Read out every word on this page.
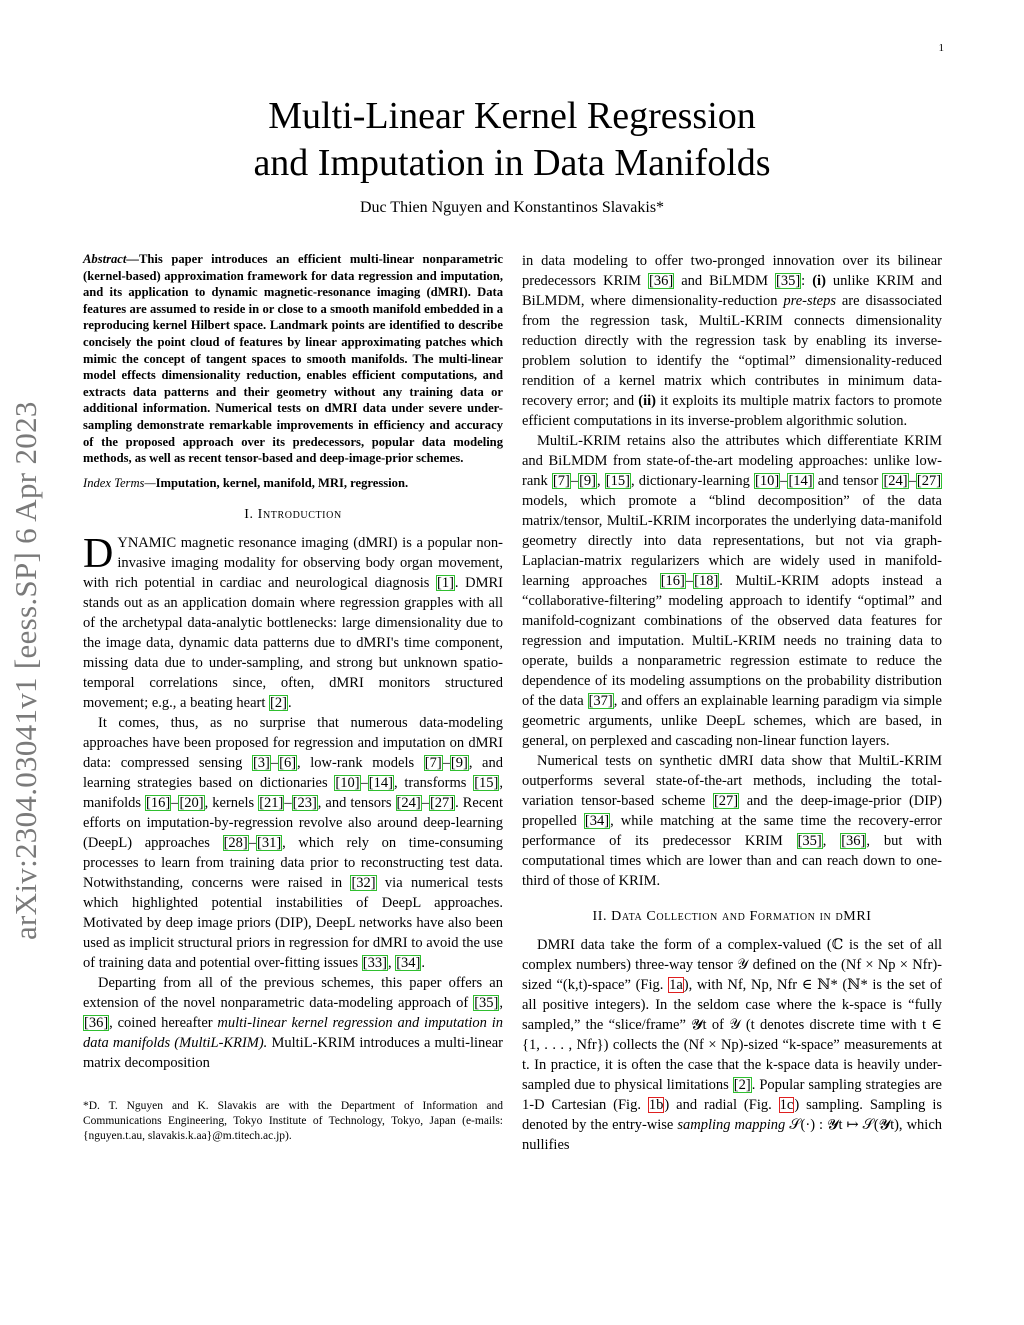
1
arXiv:2304.03041v1 [eess.SP] 6 Apr 2023
Multi-Linear Kernel Regression
and Imputation in Data Manifolds
Duc Thien Nguyen and Konstantinos Slavakis*
Abstract—This paper introduces an efficient multi-linear nonparametric (kernel-based) approximation framework for data regression and imputation, and its application to dynamic magnetic-resonance imaging (dMRI). Data features are assumed to reside in or close to a smooth manifold embedded in a reproducing kernel Hilbert space. Landmark points are identified to describe concisely the point cloud of features by linear approximating patches which mimic the concept of tangent spaces to smooth manifolds. The multi-linear model effects dimensionality reduction, enables efficient computations, and extracts data patterns and their geometry without any training data or additional information. Numerical tests on dMRI data under severe under-sampling demonstrate remarkable improvements in efficiency and accuracy of the proposed approach over its predecessors, popular data modeling methods, as well as recent tensor-based and deep-image-prior schemes.
Index Terms—Imputation, kernel, manifold, MRI, regression.
I. Introduction

DYNAMIC magnetic resonance imaging (dMRI) is a popular non-invasive imaging modality for observing body organ movement, with rich potential in cardiac and neurological diagnosis [1]. DMRI stands out as an application domain where regression grapples with all of the archetypal data-analytic bottlenecks: large dimensionality due to the image data, dynamic data patterns due to dMRI's time component, missing data due to under-sampling, and strong but unknown spatio-temporal correlations since, often, dMRI monitors structured movement; e.g., a beating heart [2].

It comes, thus, as no surprise that numerous data-modeling approaches have been proposed for regression and imputation on dMRI data: compressed sensing [3]–[6], low-rank models [7]–[9], and learning strategies based on dictionaries [10]–[14], transforms [15], manifolds [16]–[20], kernels [21]–[23], and tensors [24]–[27]. Recent efforts on imputation-by-regression revolve also around deep-learning (DeepL) approaches [28]–[31], which rely on time-consuming processes to learn from training data prior to reconstructing test data. Notwithstanding, concerns were raised in [32] via numerical tests which highlighted potential instabilities of DeepL approaches. Motivated by deep image priors (DIP), DeepL networks have also been used as implicit structural priors in regression for dMRI to avoid the use of training data and potential over-fitting issues [33], [34].

Departing from all of the previous schemes, this paper offers an extension of the novel nonparametric data-modeling approach of [35], [36], coined hereafter multi-linear kernel regression and imputation in data manifolds (MultiL-KRIM). MultiL-KRIM introduces a multi-linear matrix decomposition

*D. T. Nguyen and K. Slavakis are with the Department of Information and Communications Engineering, Tokyo Institute of Technology, Tokyo, Japan (e-mails: {nguyen.t.au, slavakis.k.aa}@m.titech.ac.jp).

in data modeling to offer two-pronged innovation over its bilinear predecessors KRIM [36] and BiLMDM [35]: (i) unlike KRIM and BiLMDM, where dimensionality-reduction pre-steps are disassociated from the regression task, MultiL-KRIM connects dimensionality reduction directly with the regression task by enabling its inverse-problem solution to identify the “optimal” dimensionality-reduced rendition of a kernel matrix which contributes in minimum data-recovery error; and (ii) it exploits its multiple matrix factors to promote efficient computations in its inverse-problem algorithmic solution.

MultiL-KRIM retains also the attributes which differentiate KRIM and BiLMDM from state-of-the-art modeling approaches: unlike low-rank [7]–[9], [15], dictionary-learning [10]–[14] and tensor [24]–[27] models, which promote a “blind decomposition” of the data matrix/tensor, MultiL-KRIM incorporates the underlying data-manifold geometry directly into data representations, but not via graph-Laplacian-matrix regularizers which are widely used in manifold-learning approaches [16]–[18]. MultiL-KRIM adopts instead a “collaborative-filtering” modeling approach to identify “optimal” and manifold-cognizant combinations of the observed data features for regression and imputation. MultiL-KRIM needs no training data to operate, builds a nonparametric regression estimate to reduce the dependence of its modeling assumptions on the probability distribution of the data [37], and offers an explainable learning paradigm via simple geometric arguments, unlike DeepL schemes, which are based, in general, on perplexed and cascading non-linear function layers.

Numerical tests on synthetic dMRI data show that MultiL-KRIM outperforms several state-of-the-art methods, including the total-variation tensor-based scheme [27] and the deep-image-prior (DIP) propelled [34], while matching at the same time the recovery-error performance of its predecessor KRIM [35], [36], but with computational times which are lower than and can reach down to one-third of those of KRIM.

II. Data Collection and Formation in dMRI

DMRI data take the form of a complex-valued (ℂ is the set of all complex numbers) three-way tensor 𝒴 defined on the (Nf × Np × Nfr)-sized “(k,t)-space” (Fig. 1a), with Nf, Np, Nfr ∈ ℕ* (ℕ* is the set of all positive integers). In the seldom case where the k-space is “fully sampled,” the “slice/frame” 𝓨t of 𝒴 (t denotes discrete time with t ∈ {1, . . . , Nfr}) collects the (Nf × Np)-sized “k-space” measurements at t. In practice, it is often the case that the k-space data is heavily under-sampled due to physical limitations [2]. Popular sampling strategies are 1-D Cartesian (Fig. 1b) and radial (Fig. 1c) sampling. Sampling is denoted by the entry-wise sampling mapping 𝒮(·) : 𝓨t ↦ 𝒮(𝓨t), which nullifies
